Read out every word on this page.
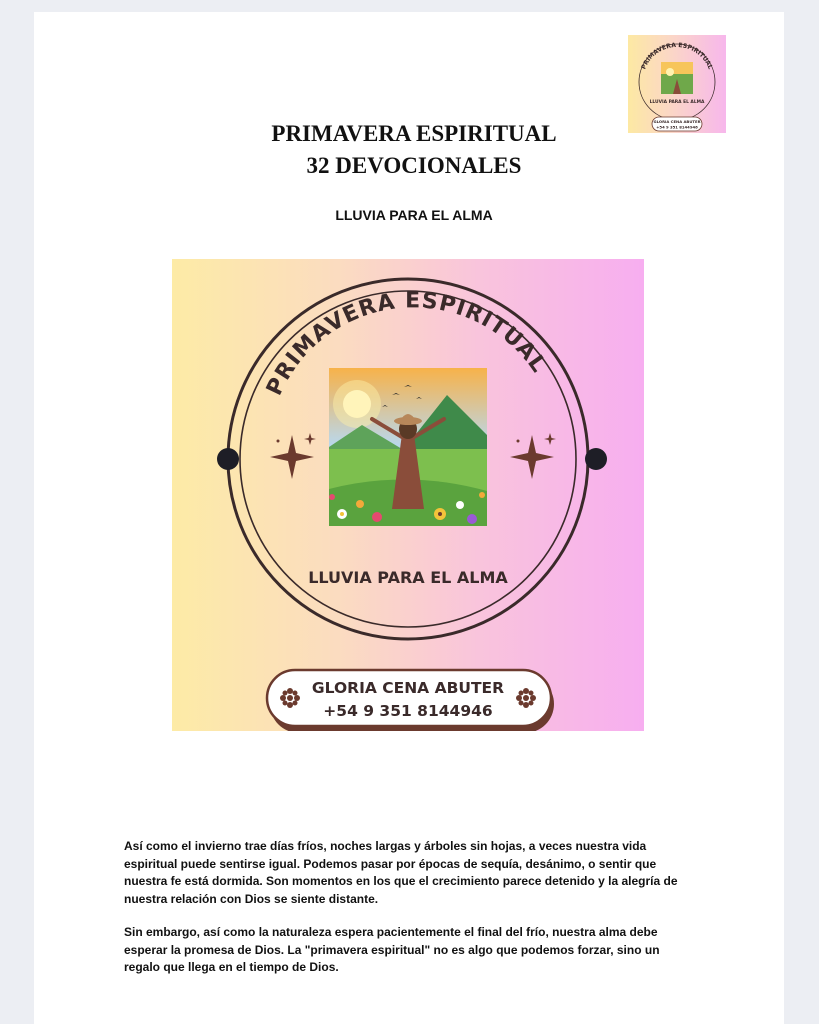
PRIMAVERA ESPIRITUAL
LLUVIA PARA EL ALMA
GLORIA CENA ABUTER
+54 9 351 8144946
PRIMAVERA ESPIRITUAL
32 DEVOCIONALES
LLUVIA PARA EL ALMA
PRIMAVERA ESPIRITUAL
LLUVIA PARA EL ALMA
GLORIA CENA ABUTER
+54 9 351 8144946

Así como el invierno trae días fríos, noches largas y árboles sin hojas, a veces nuestra vida espiritual puede sentirse igual. Podemos pasar por épocas de sequía, desánimo, o sentir que nuestra fe está dormida. Son momentos en los que el crecimiento parece detenido y la alegría de nuestra relación con Dios se siente distante.

Sin embargo, así como la naturaleza espera pacientemente el final del frío, nuestra alma debe esperar la promesa de Dios. La "primavera espiritual" no es algo que podemos forzar, sino un regalo que llega en el tiempo de Dios.
